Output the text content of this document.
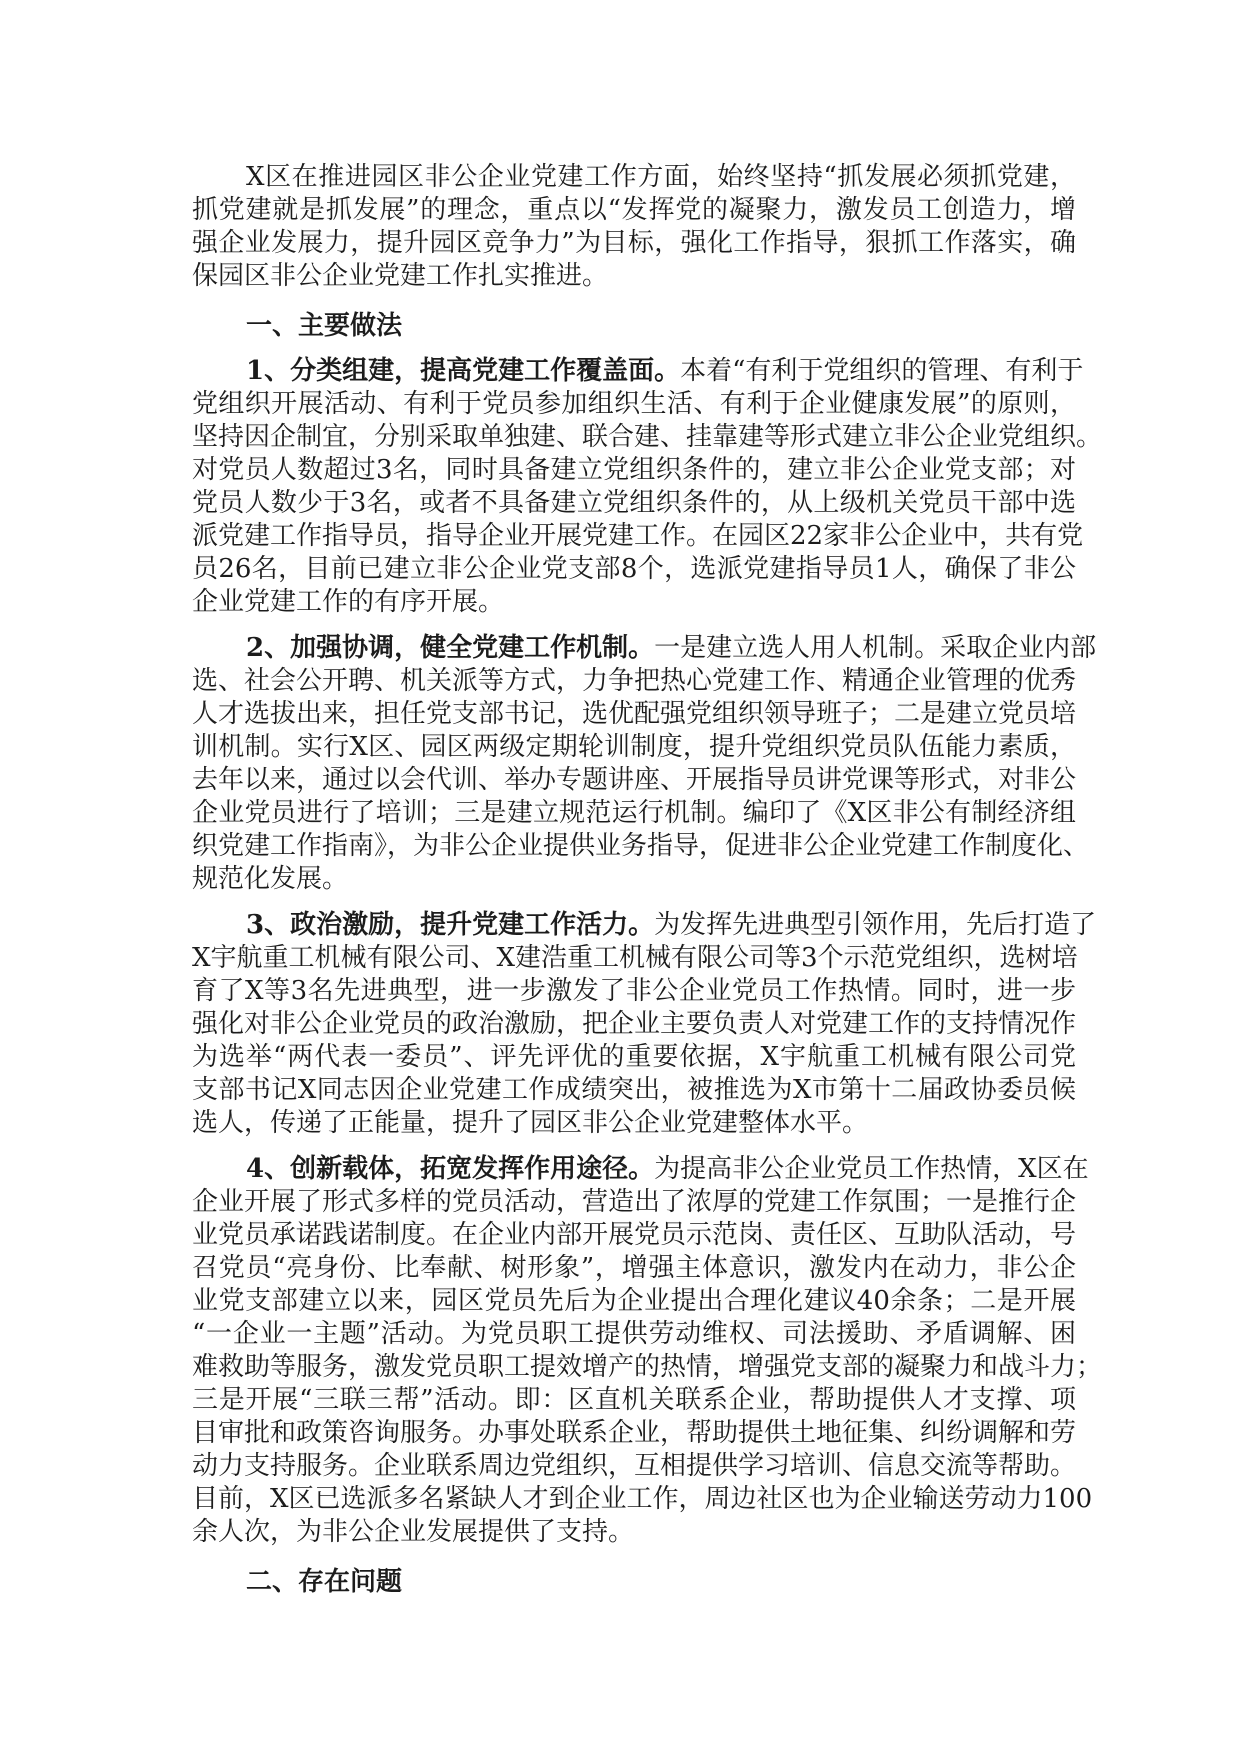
X区在推进园区非公企业党建工作方面，始终坚持“抓发展必须抓党建，
抓党建就是抓发展”的理念，重点以“发挥党的凝聚力，激发员工创造力，增
强企业发展力，提升园区竞争力”为目标，强化工作指导，狠抓工作落实，确
保园区非公企业党建工作扎实推进。
一、主要做法
1、分类组建，提高党建工作覆盖面。本着“有利于党组织的管理、有利于
党组织开展活动、有利于党员参加组织生活、有利于企业健康发展”的原则，
坚持因企制宜，分别采取单独建、联合建、挂靠建等形式建立非公企业党组织。
对党员人数超过3名，同时具备建立党组织条件的，建立非公企业党支部；对
党员人数少于3名，或者不具备建立党组织条件的，从上级机关党员干部中选
派党建工作指导员，指导企业开展党建工作。在园区22家非公企业中，共有党
员26名，目前已建立非公企业党支部8个，选派党建指导员1人，确保了非公
企业党建工作的有序开展。
2、加强协调，健全党建工作机制。一是建立选人用人机制。采取企业内部
选、社会公开聘、机关派等方式，力争把热心党建工作、精通企业管理的优秀
人才选拔出来，担任党支部书记，选优配强党组织领导班子；二是建立党员培
训机制。实行X区、园区两级定期轮训制度，提升党组织党员队伍能力素质，
去年以来，通过以会代训、举办专题讲座、开展指导员讲党课等形式，对非公
企业党员进行了培训；三是建立规范运行机制。编印了《X区非公有制经济组
织党建工作指南》，为非公企业提供业务指导，促进非公企业党建工作制度化、
规范化发展。
3、政治激励，提升党建工作活力。为发挥先进典型引领作用，先后打造了
X宇航重工机械有限公司、X建浩重工机械有限公司等3个示范党组织，选树培
育了X等3名先进典型，进一步激发了非公企业党员工作热情。同时，进一步
强化对非公企业党员的政治激励，把企业主要负责人对党建工作的支持情况作
为选举“两代表一委员”、评先评优的重要依据，X宇航重工机械有限公司党
支部书记X同志因企业党建工作成绩突出，被推选为X市第十二届政协委员候
选人，传递了正能量，提升了园区非公企业党建整体水平。
4、创新载体，拓宽发挥作用途径。为提高非公企业党员工作热情，X区在
企业开展了形式多样的党员活动，营造出了浓厚的党建工作氛围；一是推行企
业党员承诺践诺制度。在企业内部开展党员示范岗、责任区、互助队活动，号
召党员“亮身份、比奉献、树形象”，增强主体意识，激发内在动力，非公企
业党支部建立以来，园区党员先后为企业提出合理化建议40余条；二是开展
“一企业一主题”活动。为党员职工提供劳动维权、司法援助、矛盾调解、困
难救助等服务，激发党员职工提效增产的热情，增强党支部的凝聚力和战斗力；
三是开展“三联三帮”活动。即：区直机关联系企业，帮助提供人才支撑、项
目审批和政策咨询服务。办事处联系企业，帮助提供土地征集、纠纷调解和劳
动力支持服务。企业联系周边党组织，互相提供学习培训、信息交流等帮助。
目前，X区已选派多名紧缺人才到企业工作，周边社区也为企业输送劳动力100
余人次，为非公企业发展提供了支持。
二、存在问题
